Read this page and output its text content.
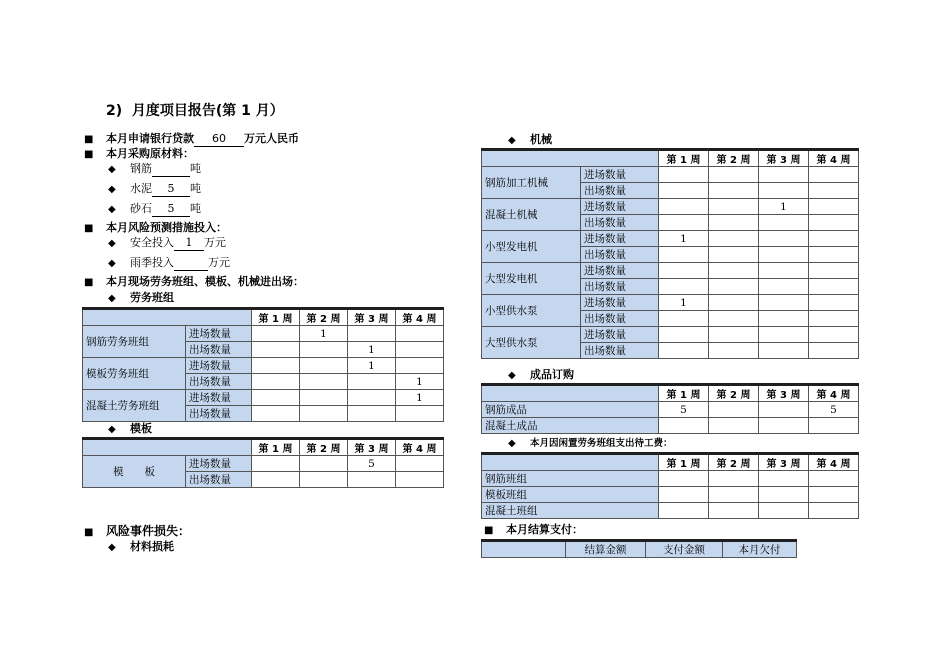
2)  月度项目报告(第 1 月）
■ 本月申请银行贷款 60 万元人民币
■ 本月采购原材料：
◆ 钢筋	吨
◆ 水泥 5 吨
◆ 砂石 5 吨
■ 本月风险预测措施投入：
◆ 安全投入 1 万元
◆ 雨季投入	万元
■ 本月现场劳务班组、模板、机械进出场：
◆ 劳务班组
		第 1 周	第 2 周	第 3 周	第 4 周
钢筋劳务班组	进场数量		1		
	出场数量			1	
模板劳务班组	进场数量			1	
	出场数量				1
混凝土劳务班组	进场数量				1
	出场数量				
◆ 模板
		第 1 周	第 2 周	第 3 周	第 4 周
模　　板	进场数量			5	
	出场数量				
■ 风险事件损失：
◆ 材料损耗
◆ 机械
		第 1 周	第 2 周	第 3 周	第 4 周
钢筋加工机械	进场数量				
	出场数量				
混凝土机械	进场数量			1	
	出场数量				
小型发电机	进场数量	1			
	出场数量				
大型发电机	进场数量				
	出场数量				
小型供水泵	进场数量	1			
	出场数量				
大型供水泵	进场数量				
	出场数量				
◆ 成品订购
	第 1 周	第 2 周	第 3 周	第 4 周
钢筋成品	5			5
混凝土成品				
◆ 本月因闲置劳务班组支出待工费：
	第 1 周	第 2 周	第 3 周	第 4 周
钢筋班组				
模板班组				
混凝土班组				
■ 本月结算支付：
	结算金额	支付金额	本月欠付
